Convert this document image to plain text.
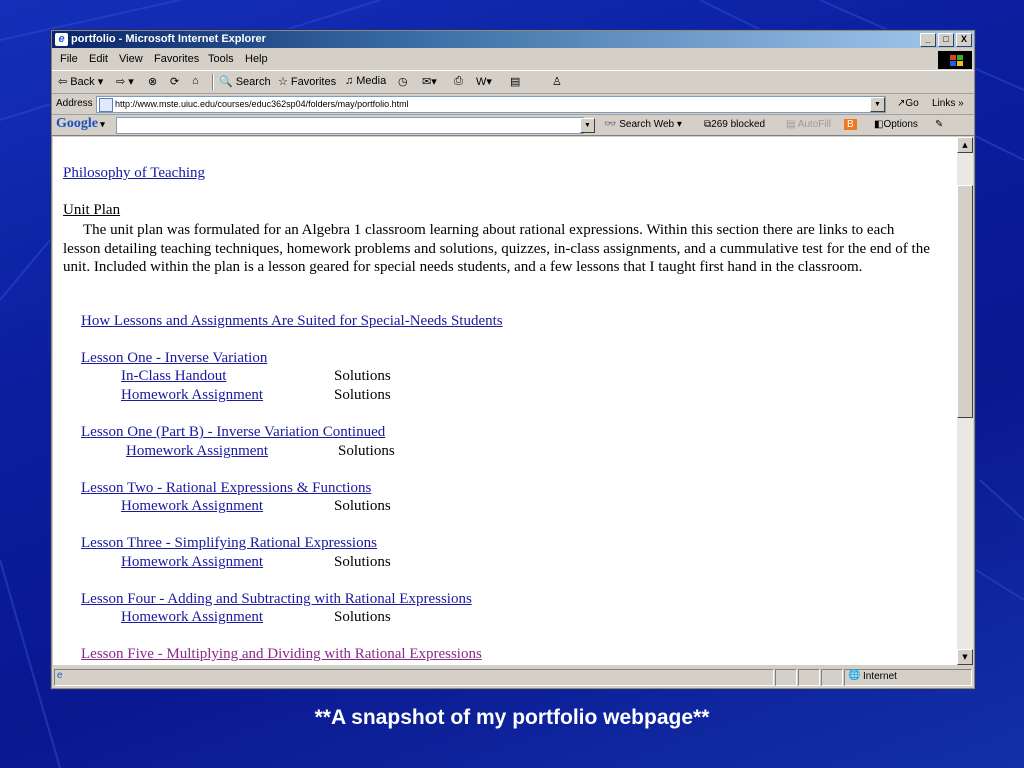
e portfolio - Microsoft Internet Explorer	_	□	X
File Edit View Favorites Tools Help
⇦ Back ▾ ⇨ ▾ ⊗ ⟳ ⌂ 🔍 Search ☆ Favorites ♫ Media ◷ ✉▾ ⎙ W▾ ▤	♙
Address http://www.mste.uiuc.edu/courses/educ362sp04/folders/may/portfolio.html	▼	↗Go Links »
Google ▾	▼	👓 Search Web ▾ ⧉269 blocked ▤ AutoFill	B	◧Options ✎
Philosophy of Teaching
Unit Plan
The unit plan was formulated for an Algebra 1 classroom learning about rational expressions. Within this section there are links to each lesson detailing teaching techniques, homework problems and solutions, quizzes, in-class assignments, and a cummulative test for the end of the unit. Included within the plan is a lesson geared for special needs students, and a few lessons that I taught first hand in the classroom.
How Lessons and Assignments Are Suited for Special-Needs Students
Lesson One - Inverse Variation
In-Class Handout	Solutions
Homework Assignment	Solutions
Lesson One (Part B) - Inverse Variation Continued
Homework Assignment	Solutions
Lesson Two - Rational Expressions & Functions
Homework Assignment	Solutions
Lesson Three - Simplifying Rational Expressions
Homework Assignment	Solutions
Lesson Four - Adding and Subtracting with Rational Expressions
Homework Assignment	Solutions
Lesson Five - Multiplying and Dividing with Rational Expressions
▲
▼
e	🌐 Internet
**A snapshot of my portfolio webpage**
